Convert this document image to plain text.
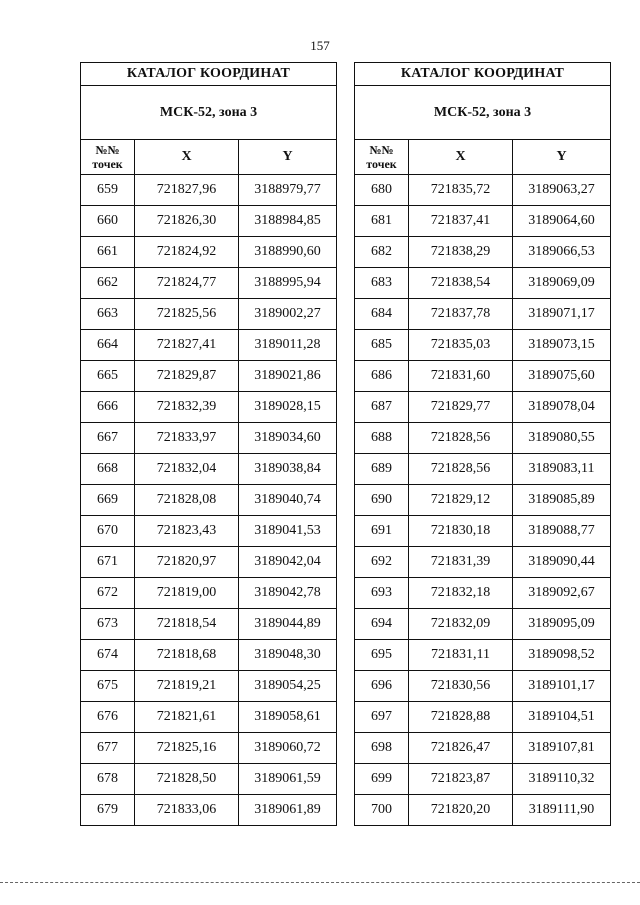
157
КАТАЛОГ КООРДИНАТ		
МСК-52, зона 3		
№№
точек	X	Y
659	721827,96	3188979,77
660	721826,30	3188984,85
661	721824,92	3188990,60
662	721824,77	3188995,94
663	721825,56	3189002,27
664	721827,41	3189011,28
665	721829,87	3189021,86
666	721832,39	3189028,15
667	721833,97	3189034,60
668	721832,04	3189038,84
669	721828,08	3189040,74
670	721823,43	3189041,53
671	721820,97	3189042,04
672	721819,00	3189042,78
673	721818,54	3189044,89
674	721818,68	3189048,30
675	721819,21	3189054,25
676	721821,61	3189058,61
677	721825,16	3189060,72
678	721828,50	3189061,59
679	721833,06	3189061,89
КАТАЛОГ КООРДИНАТ		
МСК-52, зона 3		
№№
точек	X	Y
680	721835,72	3189063,27
681	721837,41	3189064,60
682	721838,29	3189066,53
683	721838,54	3189069,09
684	721837,78	3189071,17
685	721835,03	3189073,15
686	721831,60	3189075,60
687	721829,77	3189078,04
688	721828,56	3189080,55
689	721828,56	3189083,11
690	721829,12	3189085,89
691	721830,18	3189088,77
692	721831,39	3189090,44
693	721832,18	3189092,67
694	721832,09	3189095,09
695	721831,11	3189098,52
696	721830,56	3189101,17
697	721828,88	3189104,51
698	721826,47	3189107,81
699	721823,87	3189110,32
700	721820,20	3189111,90
